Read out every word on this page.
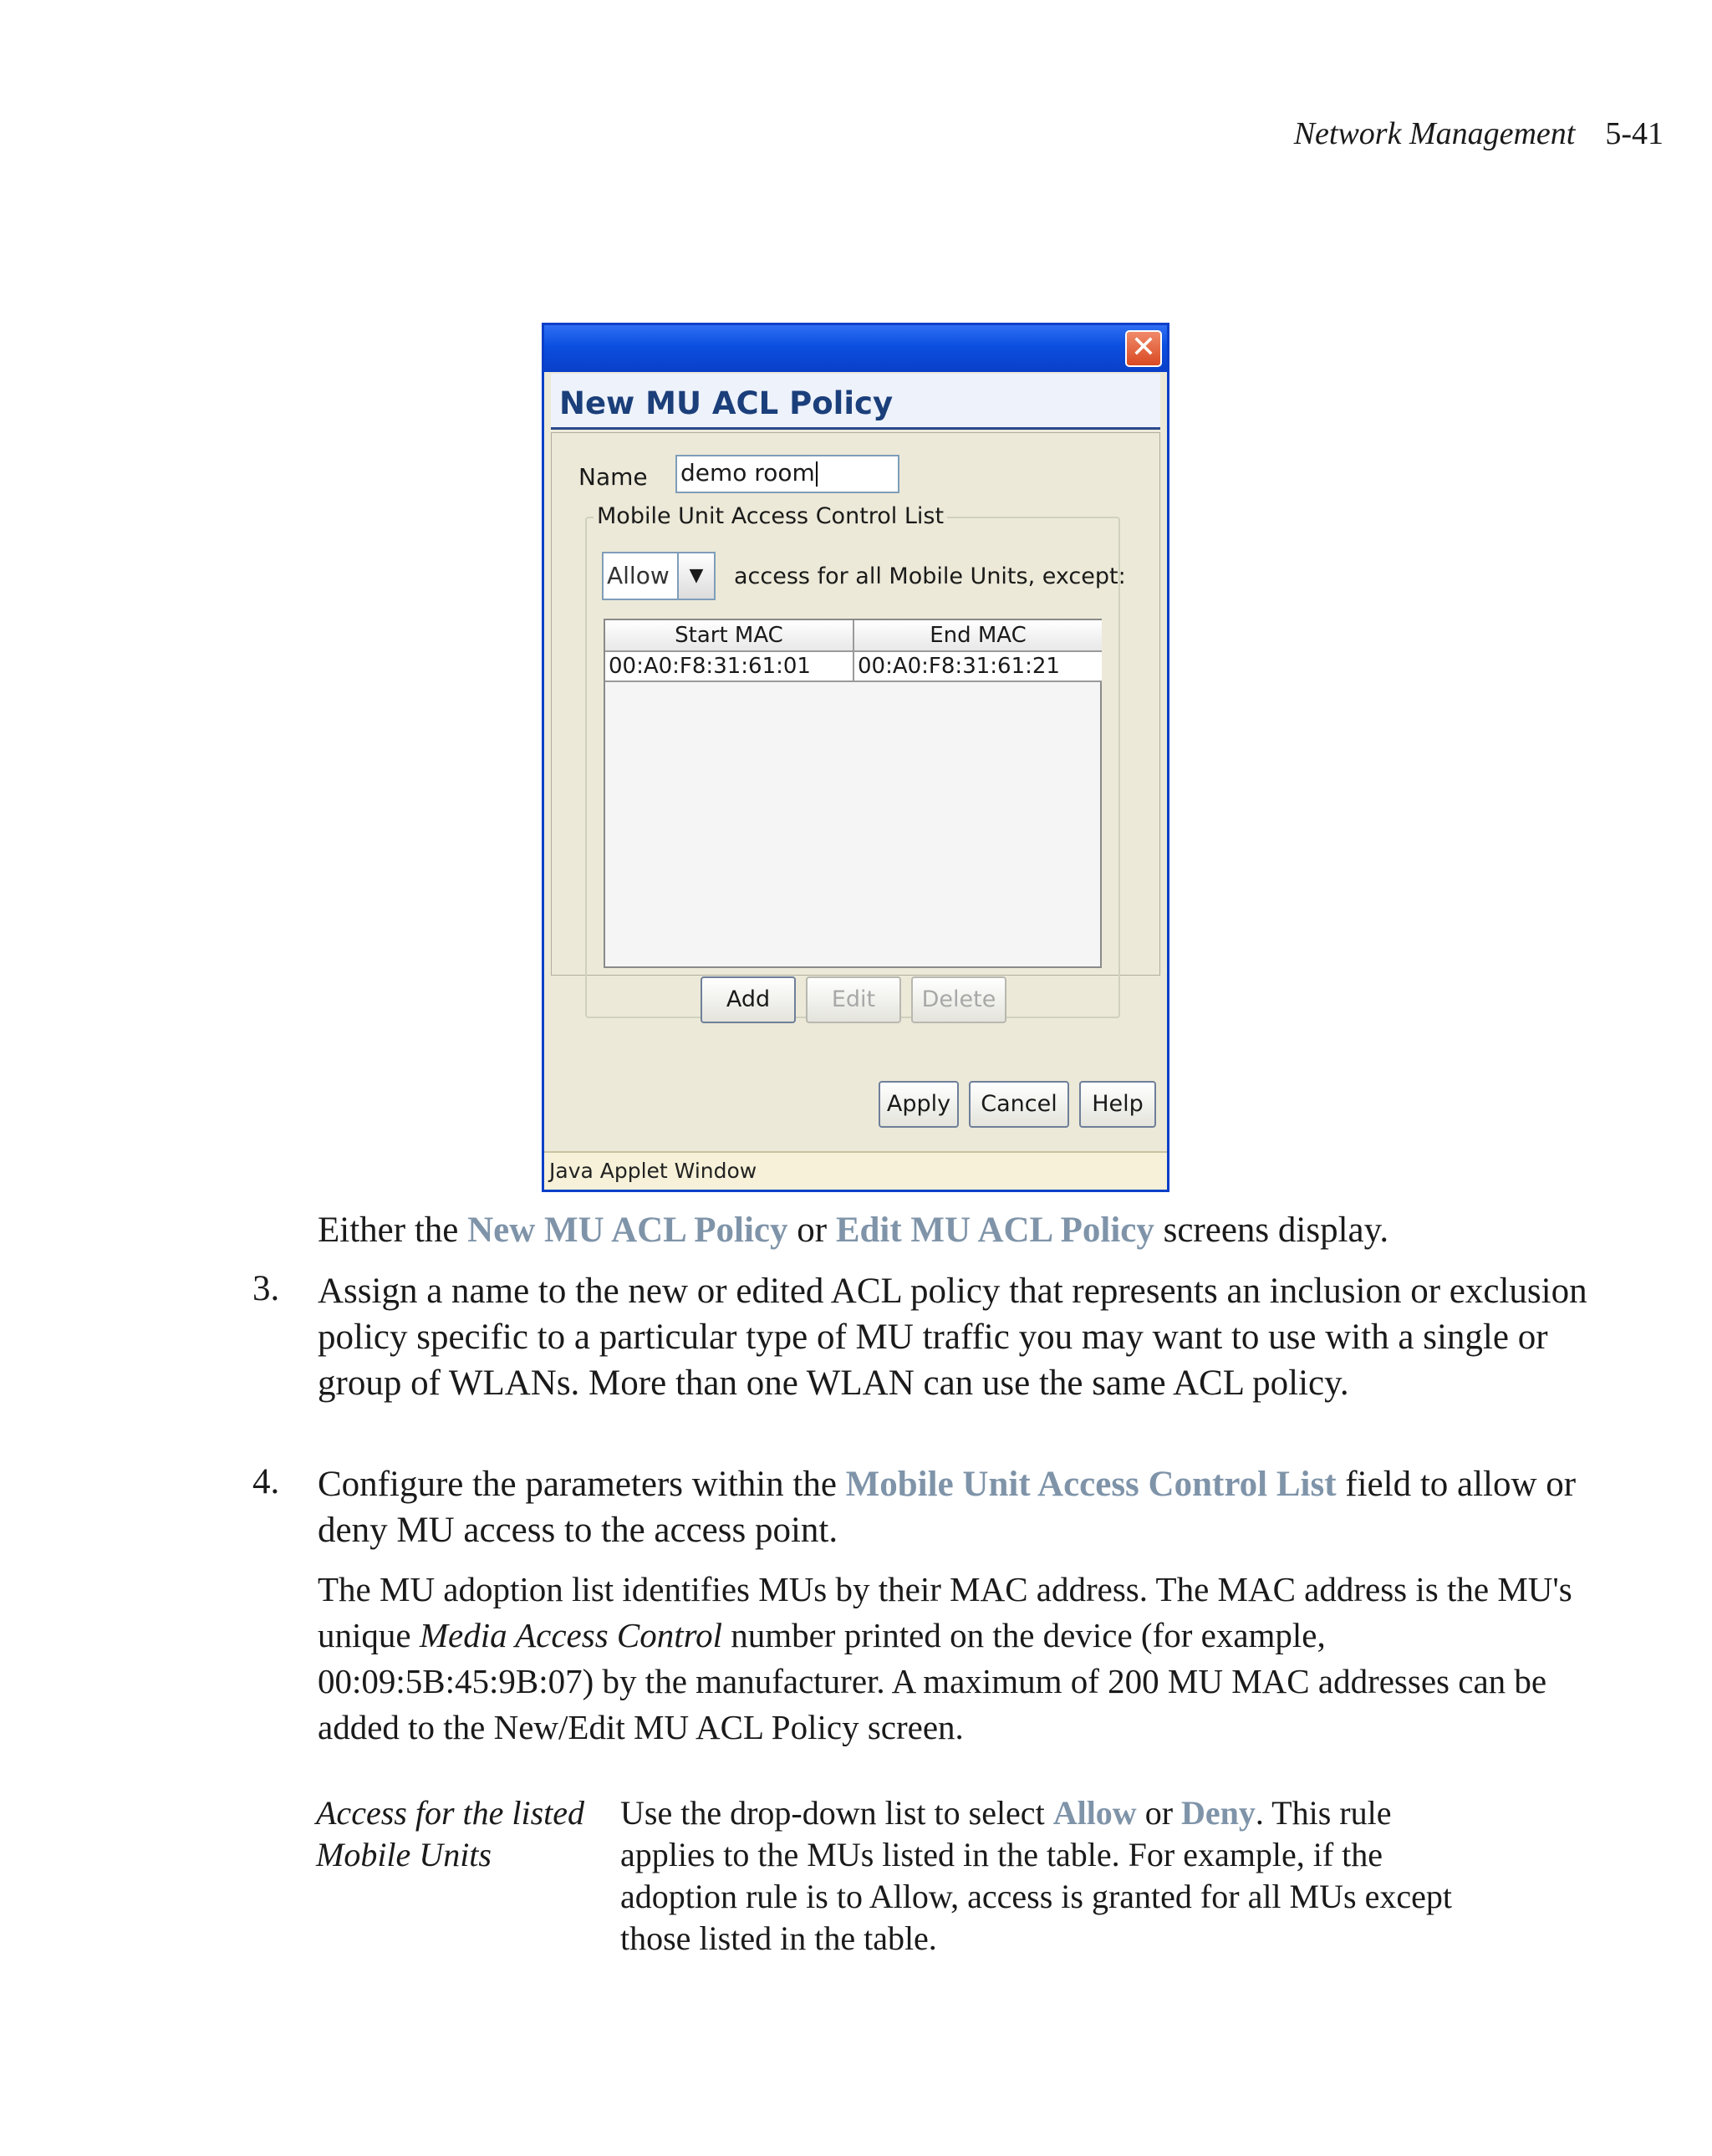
Network Management 5-41
✕
New MU ACL Policy
Name demo room
Mobile Unit Access Control List
Allow	▼	access for all Mobile Units, except:
Start MAC	End MAC
00:A0:F8:31:61:01	00:A0:F8:31:61:21
Add	Edit	Delete
Apply	Cancel	Help
Java Applet Window
Either the New MU ACL Policy or Edit MU ACL Policy screens display.
3. Assign a name to the new or edited ACL policy that represents an inclusion or exclusion policy specific to a particular type of MU traffic you may want to use with a single or group of WLANs. More than one WLAN can use the same ACL policy.
4. Configure the parameters within the Mobile Unit Access Control List field to allow or deny MU access to the access point.
The MU adoption list identifies MUs by their MAC address. The MAC address is the MU's unique Media Access Control number printed on the device (for example, 00:09:5B:45:9B:07) by the manufacturer. A maximum of 200 MU MAC addresses can be added to the New/Edit MU ACL Policy screen.
Access for the listed Mobile Units
Use the drop-down list to select Allow or Deny. This rule applies to the MUs listed in the table. For example, if the adoption rule is to Allow, access is granted for all MUs except those listed in the table.
